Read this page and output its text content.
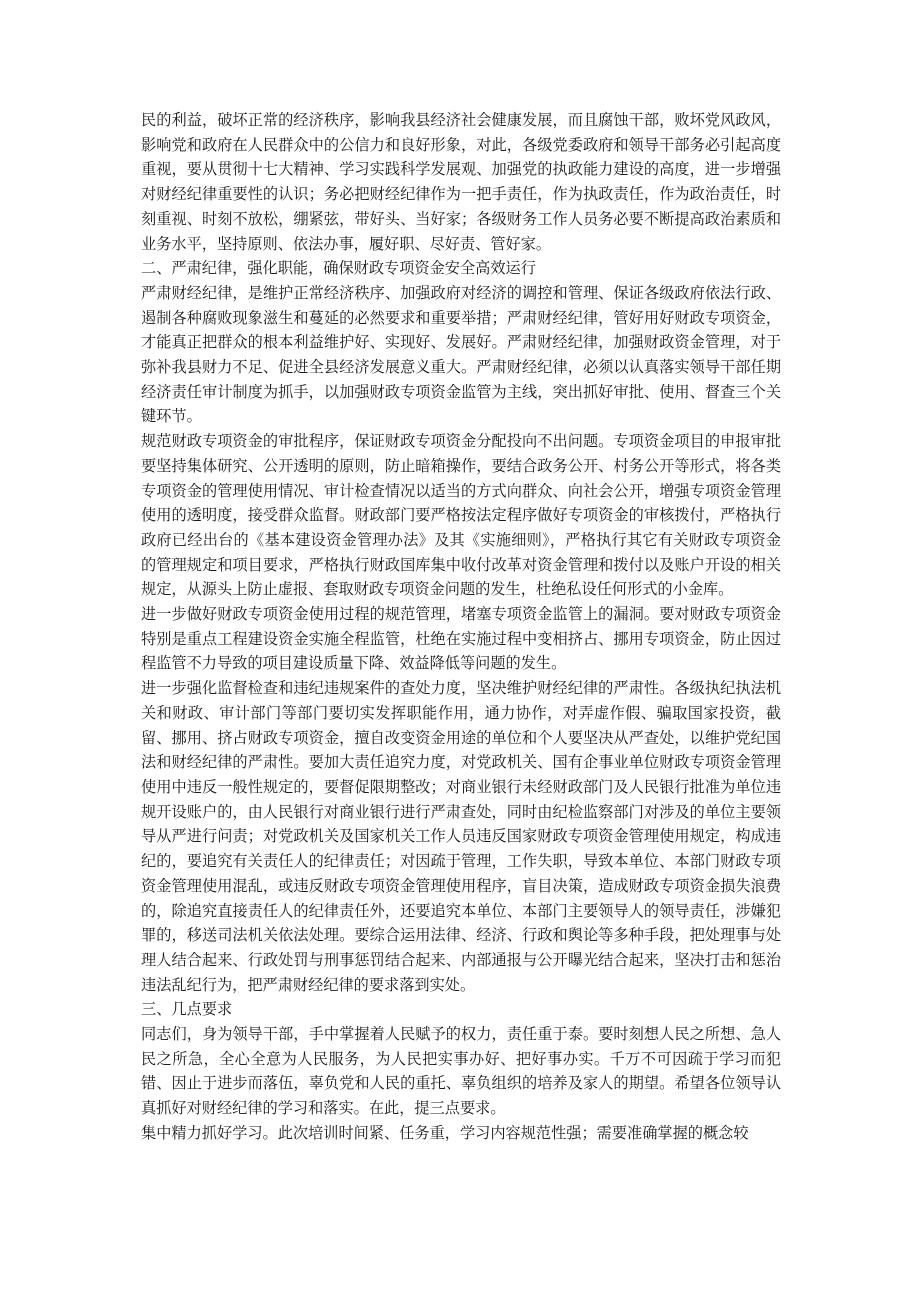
民的利益，破坏正常的经济秩序，影响我县经济社会健康发展，而且腐蚀干部，败坏党风政风，影响党和政府在人民群众中的公信力和良好形象，对此，各级党委政府和领导干部务必引起高度重视，要从贯彻十七大精神、学习实践科学发展观、加强党的执政能力建设的高度，进一步增强对财经纪律重要性的认识；务必把财经纪律作为一把手责任，作为执政责任，作为政治责任，时刻重视、时刻不放松，绷紧弦，带好头、当好家；各级财务工作人员务必要不断提高政治素质和业务水平，坚持原则、依法办事，履好职、尽好责、管好家。

二、严肃纪律，强化职能，确保财政专项资金安全高效运行

严肃财经纪律，是维护正常经济秩序、加强政府对经济的调控和管理、保证各级政府依法行政、遏制各种腐败现象滋生和蔓延的必然要求和重要举措；严肃财经纪律，管好用好财政专项资金，才能真正把群众的根本利益维护好、实现好、发展好。严肃财经纪律，加强财政资金管理，对于弥补我县财力不足、促进全县经济发展意义重大。严肃财经纪律，必须以认真落实领导干部任期经济责任审计制度为抓手，以加强财政专项资金监管为主线，突出抓好审批、使用、督查三个关键环节。

规范财政专项资金的审批程序，保证财政专项资金分配投向不出问题。专项资金项目的申报审批要坚持集体研究、公开透明的原则，防止暗箱操作，要结合政务公开、村务公开等形式，将各类专项资金的管理使用情况、审计检查情况以适当的方式向群众、向社会公开，增强专项资金管理使用的透明度，接受群众监督。财政部门要严格按法定程序做好专项资金的审核拨付，严格执行政府已经出台的《基本建设资金管理办法》及其《实施细则》，严格执行其它有关财政专项资金的管理规定和项目要求，严格执行财政国库集中收付改革对资金管理和拨付以及账户开设的相关规定，从源头上防止虚报、套取财政专项资金问题的发生，杜绝私设任何形式的小金库。

进一步做好财政专项资金使用过程的规范管理，堵塞专项资金监管上的漏洞。要对财政专项资金特别是重点工程建设资金实施全程监管，杜绝在实施过程中变相挤占、挪用专项资金，防止因过程监管不力导致的项目建设质量下降、效益降低等问题的发生。

进一步强化监督检查和违纪违规案件的查处力度，坚决维护财经纪律的严肃性。各级执纪执法机关和财政、审计部门等部门要切实发挥职能作用，通力协作，对弄虚作假、骗取国家投资，截留、挪用、挤占财政专项资金，擅自改变资金用途的单位和个人要坚决从严查处，以维护党纪国法和财经纪律的严肃性。要加大责任追究力度，对党政机关、国有企事业单位财政专项资金管理使用中违反一般性规定的，要督促限期整改；对商业银行未经财政部门及人民银行批准为单位违规开设账户的，由人民银行对商业银行进行严肃查处，同时由纪检监察部门对涉及的单位主要领导从严进行问责；对党政机关及国家机关工作人员违反国家财政专项资金管理使用规定，构成违纪的，要追究有关责任人的纪律责任；对因疏于管理，工作失职，导致本单位、本部门财政专项资金管理使用混乱，或违反财政专项资金管理使用程序，盲目决策，造成财政专项资金损失浪费的，除追究直接责任人的纪律责任外，还要追究本单位、本部门主要领导人的领导责任，涉嫌犯罪的，移送司法机关依法处理。要综合运用法律、经济、行政和舆论等多种手段，把处理事与处理人结合起来、行政处罚与刑事惩罚结合起来、内部通报与公开曝光结合起来，坚决打击和惩治违法乱纪行为，把严肃财经纪律的要求落到实处。

三、几点要求

同志们，身为领导干部，手中掌握着人民赋予的权力，责任重于泰。要时刻想人民之所想、急人民之所急，全心全意为人民服务，为人民把实事办好、把好事办实。千万不可因疏于学习而犯错、因止于进步而落伍，辜负党和人民的重托、辜负组织的培养及家人的期望。希望各位领导认真抓好对财经纪律的学习和落实。在此，提三点要求。

集中精力抓好学习。此次培训时间紧、任务重，学习内容规范性强；需要准确掌握的概念较
